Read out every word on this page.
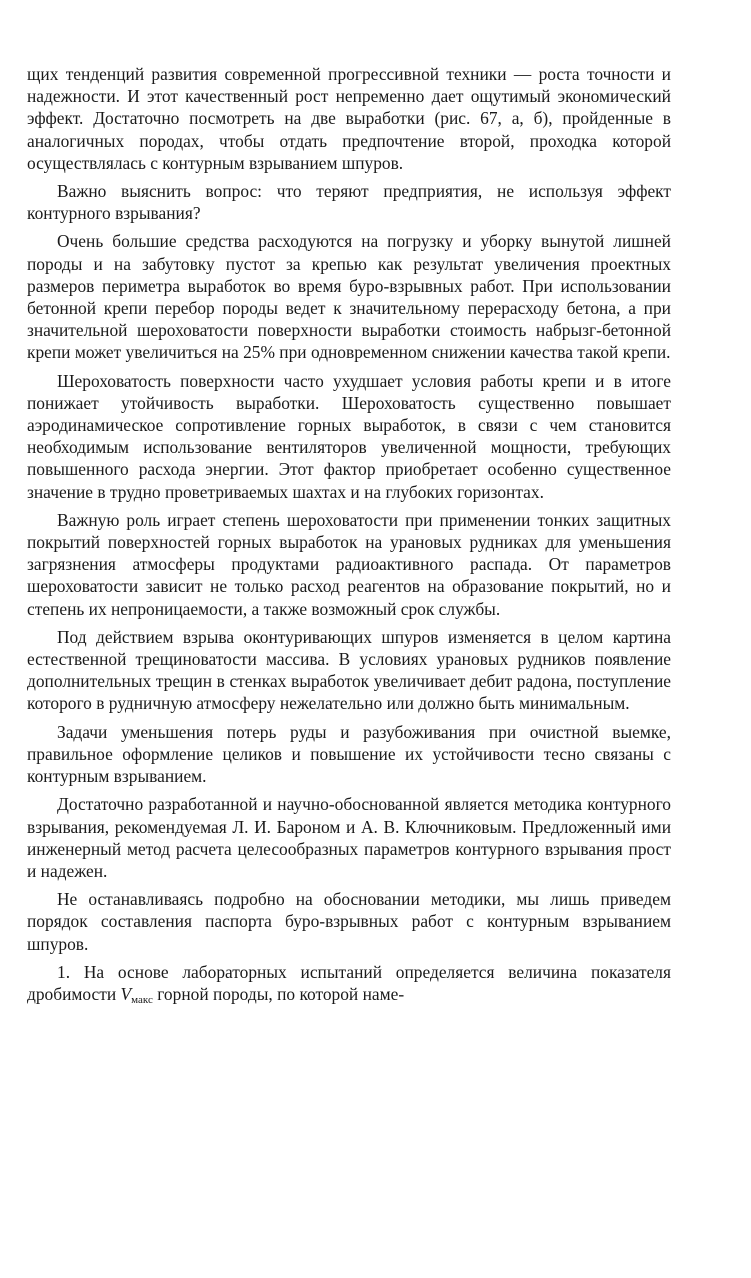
щих тенденций развития современной прогрессивной техники — роста точности и надежности. И этот качественный рост непременно дает ощутимый экономический эффект. Достаточно посмотреть на две выработки (рис. 67, а, б), пройденные в аналогичных породах, чтобы отдать предпочтение второй, проходка которой осуществлялась с контурным взрыванием шпуров.

Важно выяснить вопрос: что теряют предприятия, не используя эффект контурного взрывания?

Очень большие средства расходуются на погрузку и уборку вынутой лишней породы и на забутовку пустот за крепью как результат увеличения проектных размеров периметра выработок во время буро-взрывных работ. При использовании бетонной крепи перебор породы ведет к значительному перерасходу бетона, а при значительной шероховатости поверхности выработки стоимость набрызг-бетонной крепи может увеличиться на 25% при одновременном снижении качества такой крепи.

Шероховатость поверхности часто ухудшает условия работы крепи и в итоге понижает утойчивость выработки. Шероховатость существенно повышает аэродинамическое сопротивление горных выработок, в связи с чем становится необходимым использование вентиляторов увеличенной мощности, требующих повышенного расхода энергии. Этот фактор приобретает особенно существенное значение в трудно проветриваемых шахтах и на глубоких горизонтах.

Важную роль играет степень шероховатости при применении тонких защитных покрытий поверхностей горных выработок на урановых рудниках для уменьшения загрязнения атмосферы продуктами радиоактивного распада. От параметров шероховатости зависит не только расход реагентов на образование покрытий, но и степень их непроницаемости, а также возможный срок службы.

Под действием взрыва оконтуривающих шпуров изменяется в целом картина естественной трещиноватости массива. В условиях урановых рудников появление дополнительных трещин в стенках выработок увеличивает дебит радона, поступление которого в рудничную атмосферу нежелательно или должно быть минимальным.

Задачи уменьшения потерь руды и разубоживания при очистной выемке, правильное оформление целиков и повышение их устойчивости тесно связаны с контурным взрыванием.

Достаточно разработанной и научно-обоснованной является методика контурного взрывания, рекомендуемая Л. И. Бароном и А. В. Ключниковым. Предложенный ими инженерный метод расчета целесообразных параметров контурного взрывания прост и надежен.

Не останавливаясь подробно на обосновании методики, мы лишь приведем порядок составления паспорта буро-взрывных работ с контурным взрыванием шпуров.

1. На основе лабораторных испытаний определяется величина показателя дробимости $V_{макс}$ горной породы, по которой наме-
